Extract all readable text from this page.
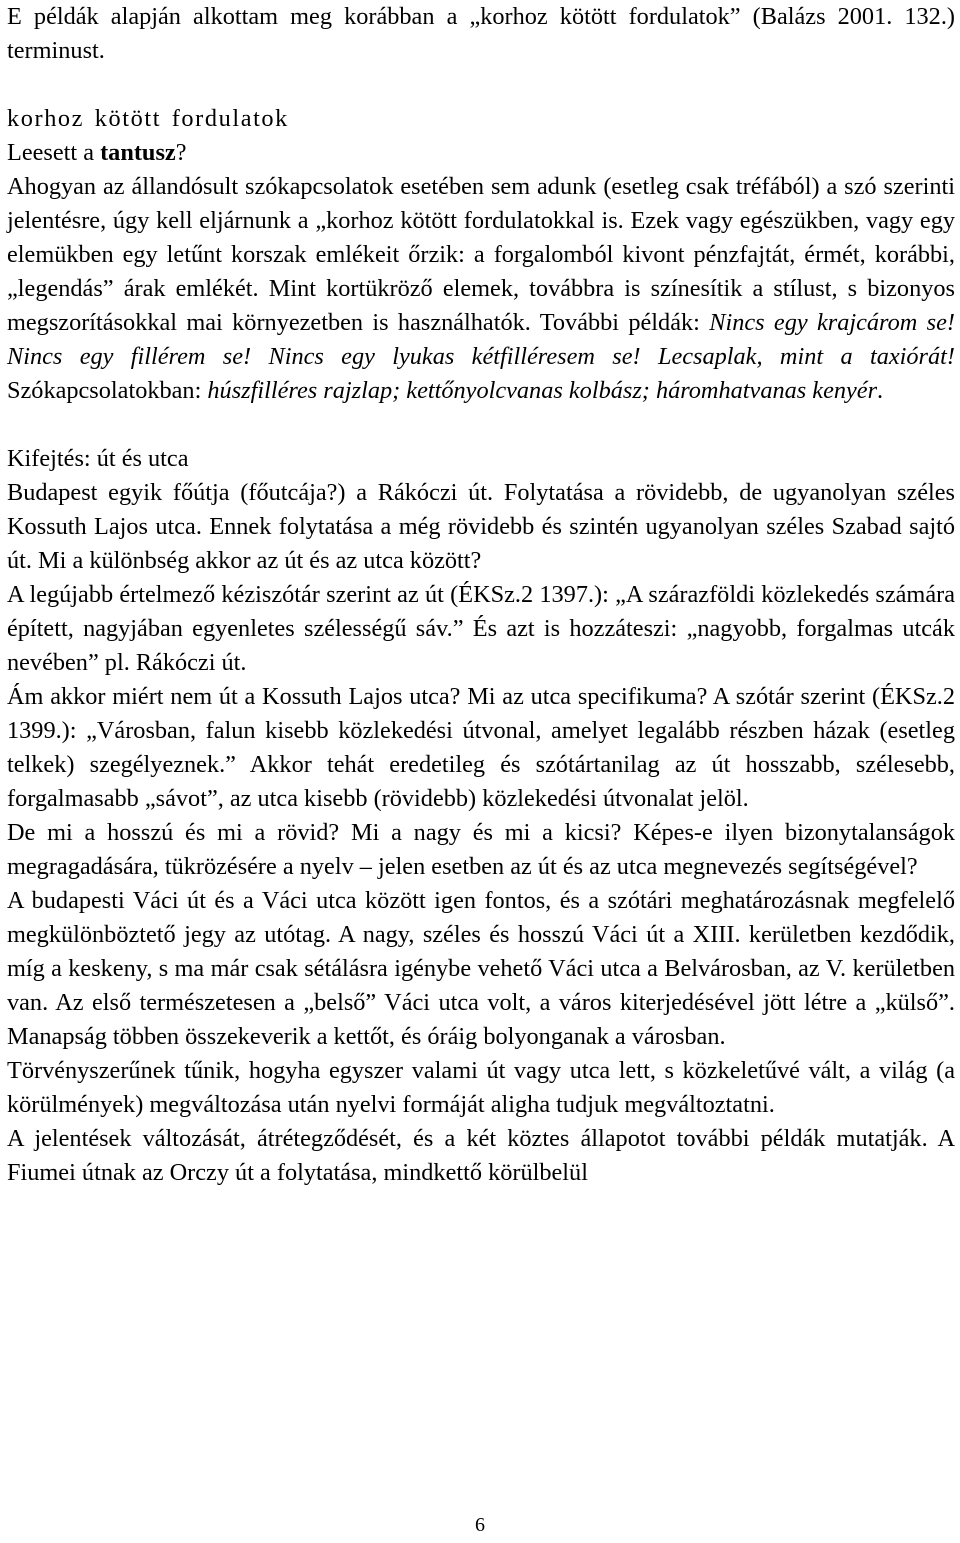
E példák alapján alkottam meg korábban a „korhoz kötött fordulatok” (Balázs 2001. 132.) terminust.

korhoz kötött fordulatok

Leesett a tantusz?

Ahogyan az állandósult szókapcsolatok esetében sem adunk (esetleg csak tréfából) a szó szerinti jelentésre, úgy kell eljárnunk a „korhoz kötött fordulatokkal is. Ezek vagy egészükben, vagy egy elemükben egy letűnt korszak emlékeit őrzik: a forgalomból kivont pénzfajtát, érmét, korábbi, „legendás” árak emlékét. Mint kortükröző elemek, továbbra is színesítik a stílust, s bizonyos megszorításokkal mai környezetben is használhatók. További példák: Nincs egy krajcárom se! Nincs egy fillérem se! Nincs egy lyukas kétfilléresem se! Lecsaplak, mint a taxiórát! Szókapcsolatokban: húszfilléres rajzlap; kettőnyolcvanas kolbász; háromhatvanas kenyér.

Kifejtés: út és utca

Budapest egyik főútja (főutcája?) a Rákóczi út. Folytatása a rövidebb, de ugyanolyan széles Kossuth Lajos utca. Ennek folytatása a még rövidebb és szintén ugyanolyan széles Szabad sajtó út. Mi a különbség akkor az út és az utca között?

A legújabb értelmező kéziszótár szerint az út (ÉKSz.2 1397.): „A szárazföldi közlekedés számára épített, nagyjában egyenletes szélességű sáv.” És azt is hozzáteszi: „nagyobb, forgalmas utcák nevében” pl. Rákóczi út.

Ám akkor miért nem út a Kossuth Lajos utca? Mi az utca specifikuma? A szótár szerint (ÉKSz.2 1399.): „Városban, falun kisebb közlekedési útvonal, amelyet legalább részben házak (esetleg telkek) szegélyeznek.” Akkor tehát eredetileg és szótártanilag az út hosszabb, szélesebb, forgalmasabb „sávot”, az utca kisebb (rövidebb) közlekedési útvonalat jelöl.

De mi a hosszú és mi a rövid? Mi a nagy és mi a kicsi? Képes-e ilyen bizonytalanságok megragadására, tükrözésére a nyelv – jelen esetben az út és az utca megnevezés segítségével?

A budapesti Váci út és a Váci utca között igen fontos, és a szótári meghatározásnak megfelelő megkülönböztető jegy az utótag. A nagy, széles és hosszú Váci út a XIII. kerületben kezdődik, míg a keskeny, s ma már csak sétálásra igénybe vehető Váci utca a Belvárosban, az V. kerületben van. Az első természetesen a „belső” Váci utca volt, a város kiterjedésével jött létre a „külső”. Manapság többen összekeverik a kettőt, és óráig bolyonganak a városban.

Törvényszerűnek tűnik, hogyha egyszer valami út vagy utca lett, s közkeletűvé vált, a világ (a körülmények) megváltozása után nyelvi formáját aligha tudjuk megváltoztatni.

A jelentések változását, átrétegződését, és a két köztes állapotot további példák mutatják. A Fiumei útnak az Orczy út a folytatása, mindkettő körülbelül

6
